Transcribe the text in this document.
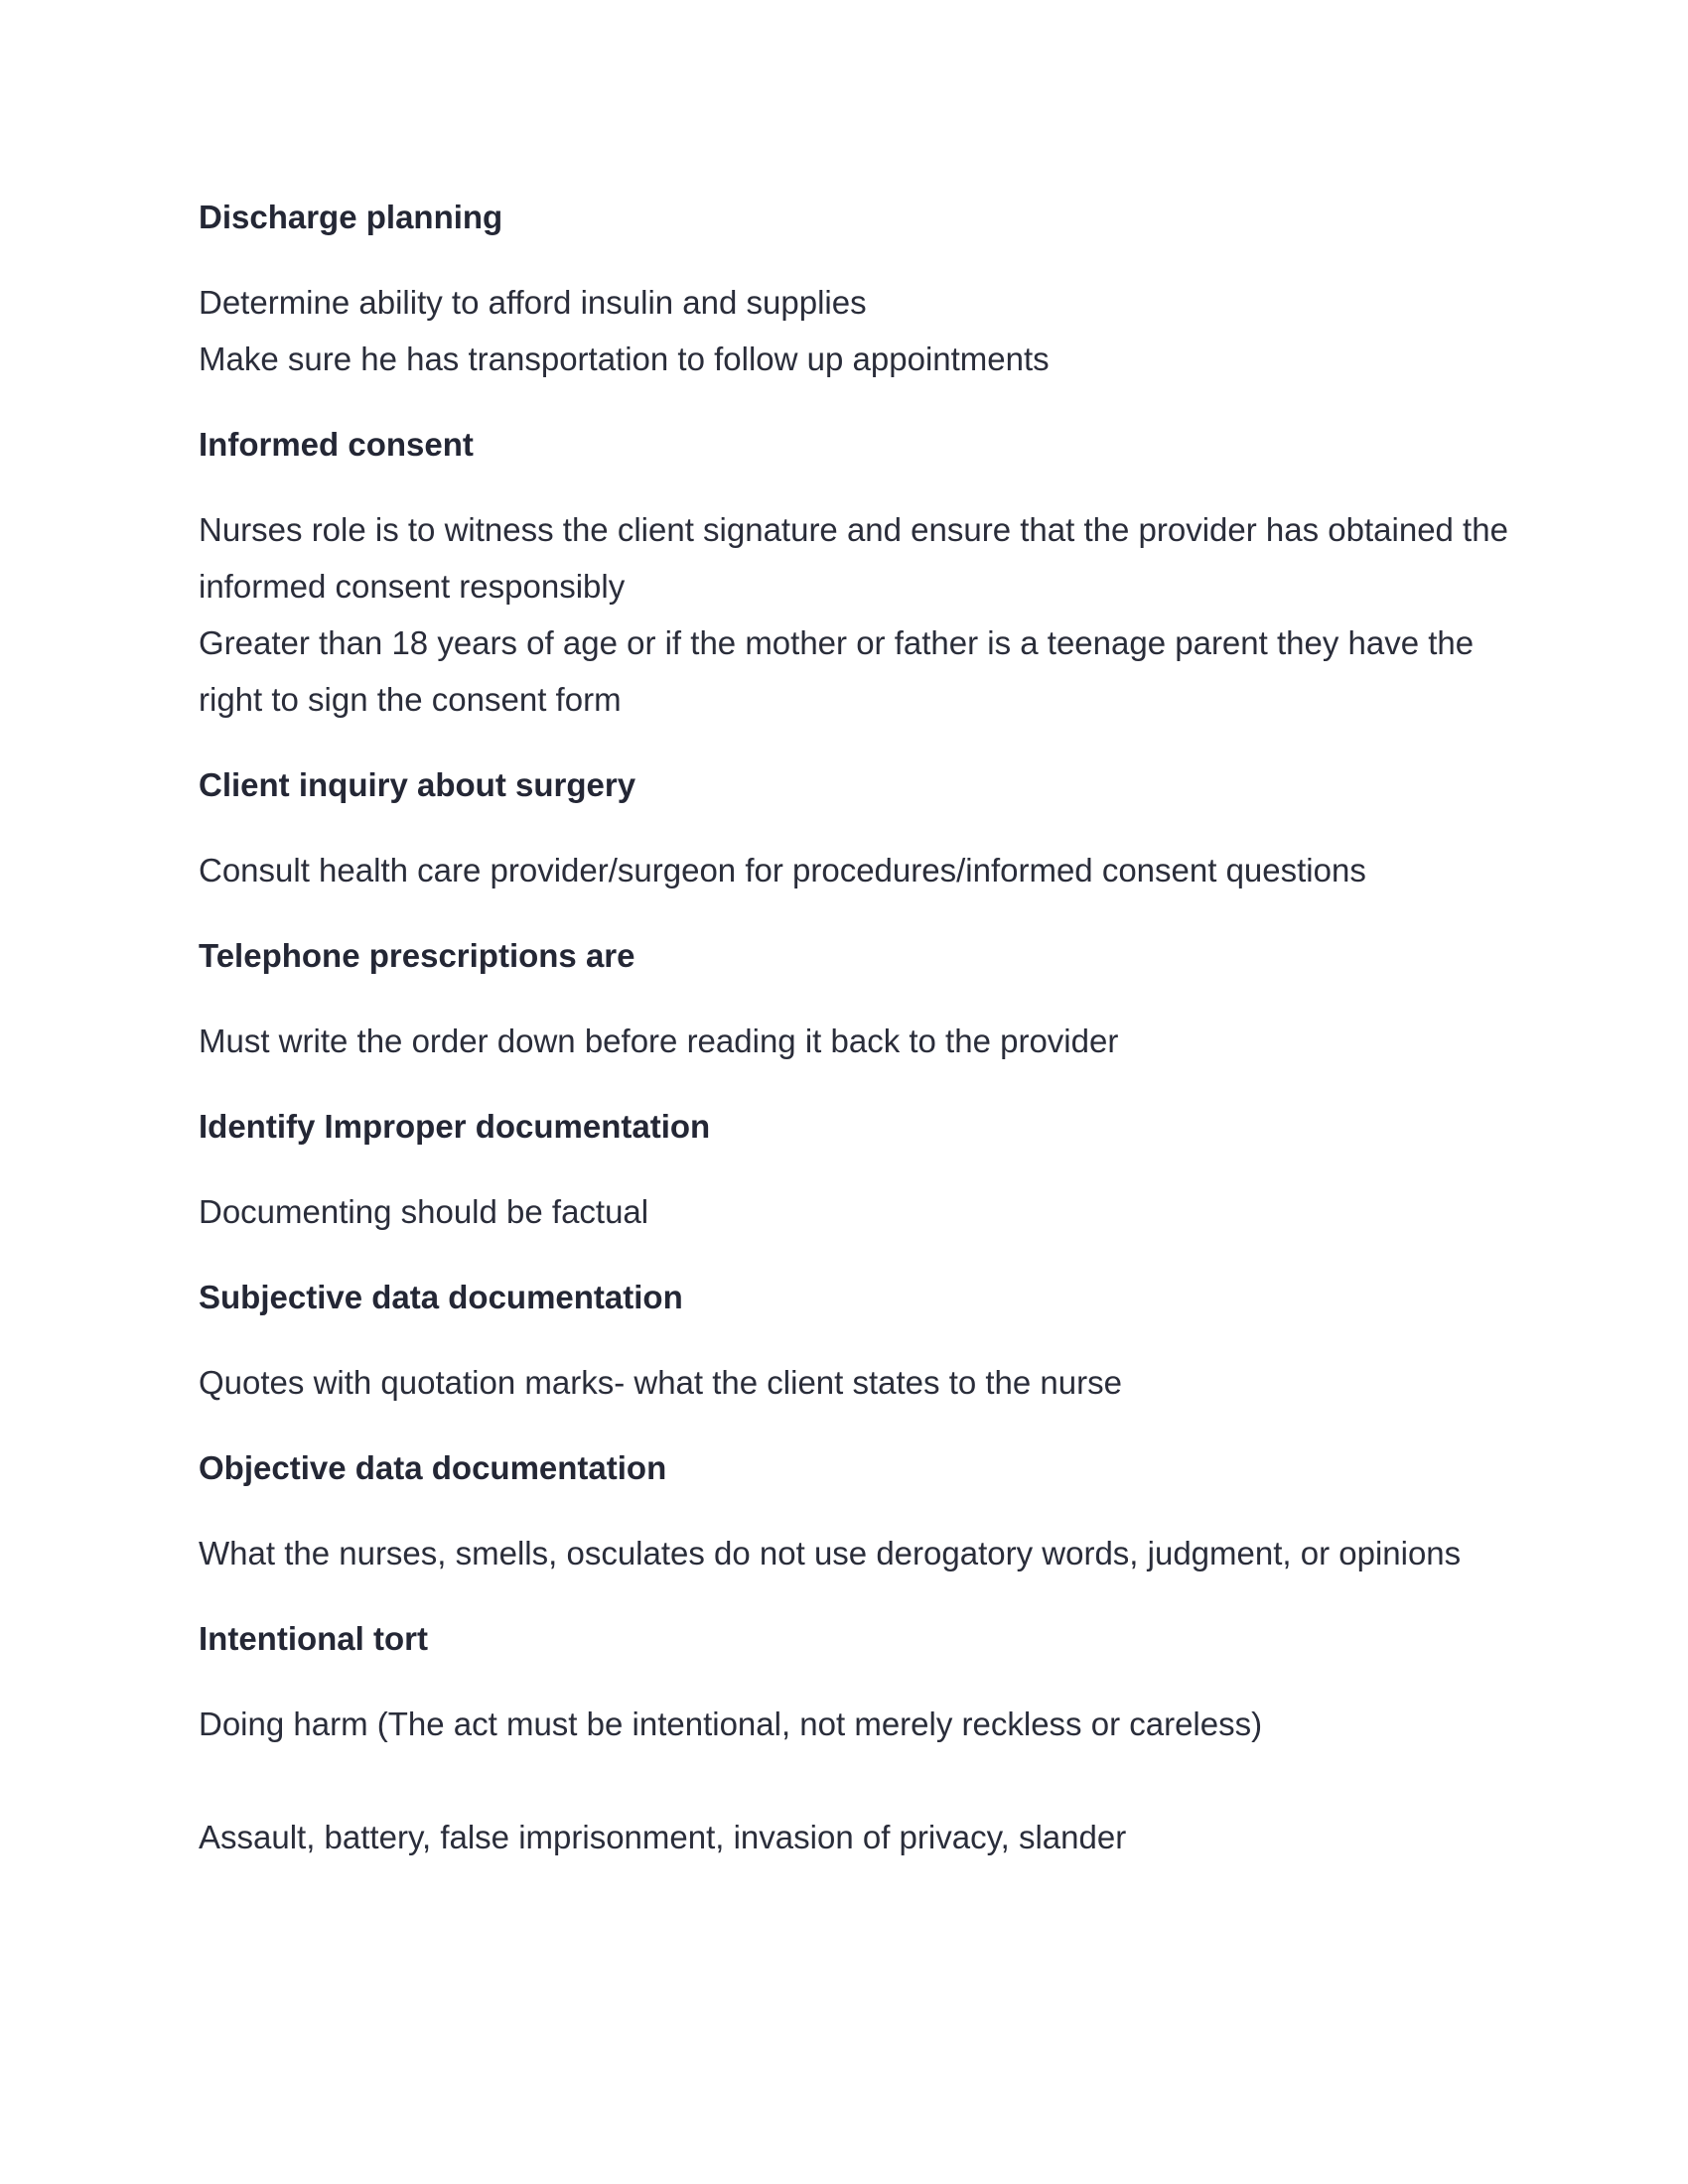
Discharge planning

Determine ability to afford insulin and supplies

Make sure he has transportation to follow up appointments

Informed consent

Nurses role is to witness the client signature and ensure that the provider has obtained the informed consent responsibly

Greater than 18 years of age or if the mother or father is a teenage parent they have the right to sign the consent form

Client inquiry about surgery

Consult health care provider/surgeon for procedures/informed consent questions

Telephone prescriptions are

Must write the order down before reading it back to the provider

Identify Improper documentation

Documenting should be factual

Subjective data documentation

Quotes with quotation marks- what the client states to the nurse

Objective data documentation

What the nurses, smells, osculates do not use derogatory words, judgment, or opinions

Intentional tort

Doing harm (The act must be intentional, not merely reckless or careless)

Assault, battery, false imprisonment, invasion of privacy, slander
